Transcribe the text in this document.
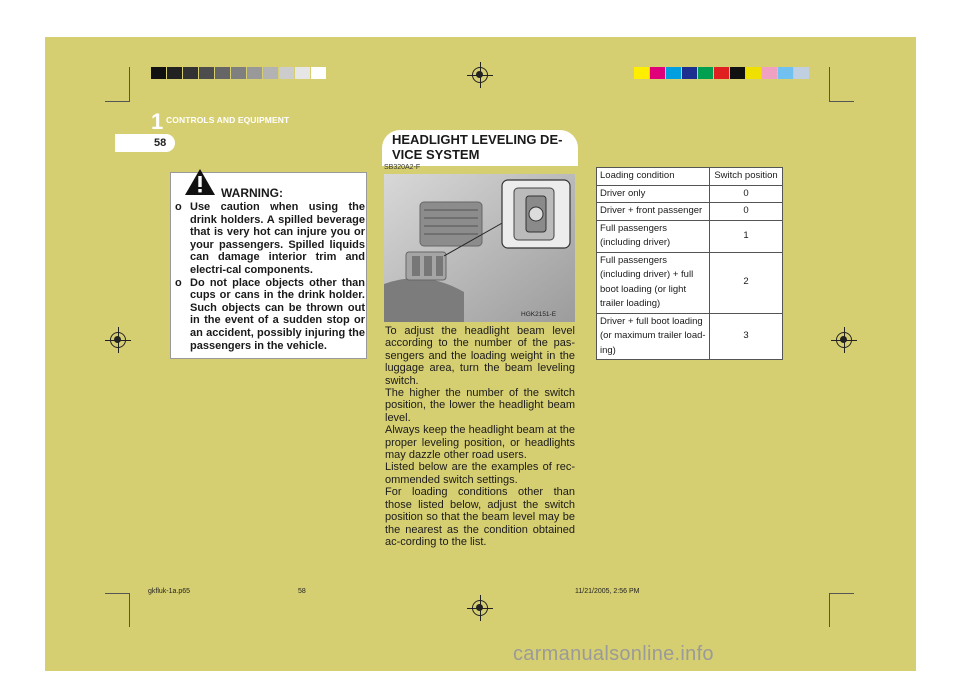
1 CONTROLS AND EQUIPMENT
58
WARNING:
o Use caution when using the drink holders. A spilled beverage that is very hot can injure you or your passengers. Spilled liquids can damage interior trim and electri-cal components.
o Do not place objects other than cups or cans in the drink holder. Such objects can be thrown out in the event of a sudden stop or an accident, possibly injuring the passengers in the vehicle.
HEADLIGHT LEVELING DE-VICE SYSTEM
SB320A2-F
HGK2151-E

To adjust the headlight beam level according to the number of the pas-sengers and the loading weight in the luggage area, turn the beam leveling switch.

The higher the number of the switch position, the lower the headlight beam level.

Always keep the headlight beam at the proper leveling position, or headlights may dazzle other road users.

Listed below are the examples of rec-ommended switch settings.

For loading conditions other than those listed below, adjust the switch position so that the beam level may be the nearest as the condition obtained ac-cording to the list.

Loading condition	Switch position
Driver only	0
Driver + front passenger	0
Full passengers (including driver)	1
Full passengers (including driver) + full boot loading (or light trailer loading)	2
Driver + full boot loading (or maximum trailer load-ing)	3
gkfluk-1a.p65	58	11/21/2005, 2:56 PM
carmanualsonline.info
